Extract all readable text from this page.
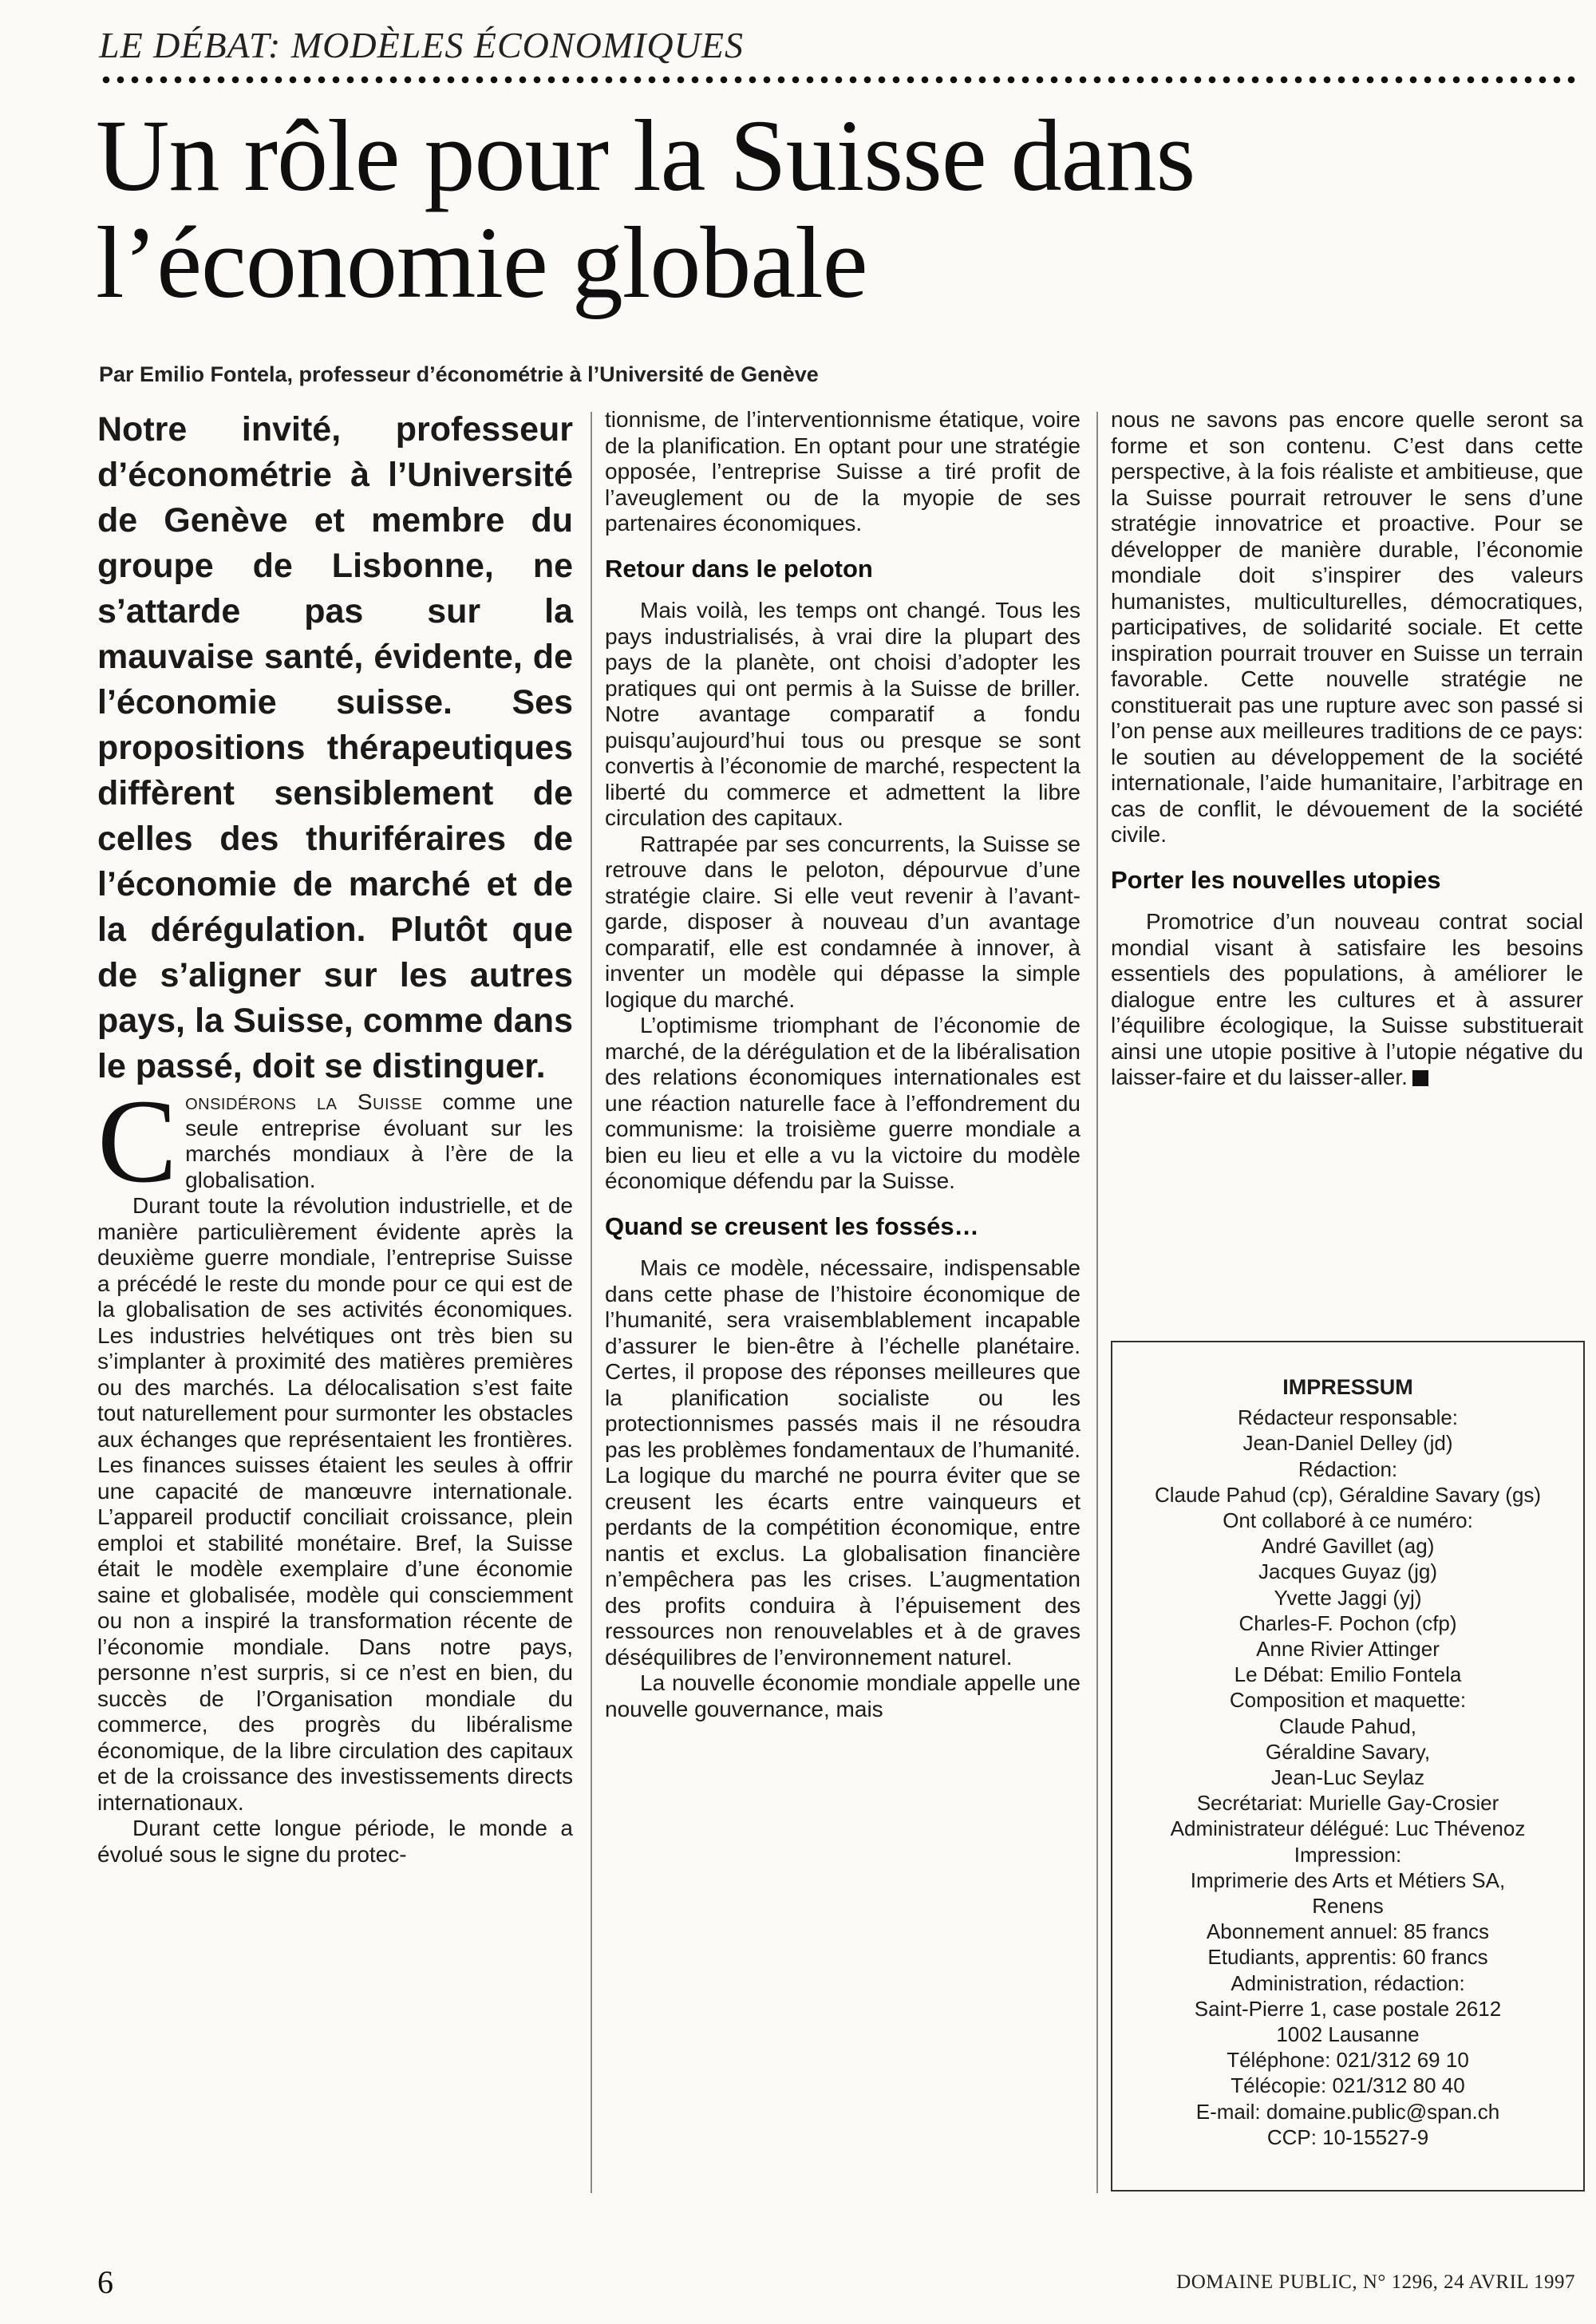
LE DÉBAT: MODÈLES ÉCONOMIQUES
Un rôle pour la Suisse dans l’économie globale
Par Emilio Fontela, professeur d’économétrie à l’Université de Genève

Notre invité, professeur d’économétrie à l’Université de Genève et membre du groupe de Lisbonne, ne s’attarde pas sur la mauvaise santé, évidente, de l’économie suisse. Ses propositions thérapeutiques diffèrent sensiblement de celles des thuriféraires de l’économie de marché et de la dérégulation. Plutôt que de s’aligner sur les autres pays, la Suisse, comme dans le passé, doit se distinguer.

Considérons la Suisse comme une seule entreprise évoluant sur les marchés mondiaux à l’ère de la globalisation.

Durant toute la révolution industrielle, et de manière particulièrement évidente après la deuxième guerre mondiale, l’entreprise Suisse a précédé le reste du monde pour ce qui est de la globalisation de ses activités économiques. Les industries helvétiques ont très bien su s’implanter à proximité des matières premières ou des marchés. La délocalisation s’est faite tout naturellement pour surmonter les obstacles aux échanges que représentaient les frontières. Les finances suisses étaient les seules à offrir une capacité de manœuvre internationale. L’appareil productif conciliait croissance, plein emploi et stabilité monétaire. Bref, la Suisse était le modèle exemplaire d’une économie saine et globalisée, modèle qui consciemment ou non a inspiré la transformation récente de l’économie mondiale. Dans notre pays, personne n’est surpris, si ce n’est en bien, du succès de l’Organisation mondiale du commerce, des progrès du libéralisme économique, de la libre circulation des capitaux et de la croissance des investissements directs internationaux.

Durant cette longue période, le monde a évolué sous le signe du protec-

tionnisme, de l’interventionnisme étatique, voire de la planification. En optant pour une stratégie opposée, l’entreprise Suisse a tiré profit de l’aveuglement ou de la myopie de ses partenaires économiques.

Retour dans le peloton

Mais voilà, les temps ont changé. Tous les pays industrialisés, à vrai dire la plupart des pays de la planète, ont choisi d’adopter les pratiques qui ont permis à la Suisse de briller. Notre avantage comparatif a fondu puisqu’aujourd’hui tous ou presque se sont convertis à l’économie de marché, respectent la liberté du commerce et admettent la libre circulation des capitaux.

Rattrapée par ses concurrents, la Suisse se retrouve dans le peloton, dépourvue d’une stratégie claire. Si elle veut revenir à l’avant-garde, disposer à nouveau d’un avantage comparatif, elle est condamnée à innover, à inventer un modèle qui dépasse la simple logique du marché.

L’optimisme triomphant de l’économie de marché, de la dérégulation et de la libéralisation des relations économiques internationales est une réaction naturelle face à l’effondrement du communisme: la troisième guerre mondiale a bien eu lieu et elle a vu la victoire du modèle économique défendu par la Suisse.

Quand se creusent les fossés…

Mais ce modèle, nécessaire, indispensable dans cette phase de l’histoire économique de l’humanité, sera vraisemblablement incapable d’assurer le bien-être à l’échelle planétaire. Certes, il propose des réponses meilleures que la planification socialiste ou les protectionnismes passés mais il ne résoudra pas les problèmes fondamentaux de l’humanité. La logique du marché ne pourra éviter que se creusent les écarts entre vainqueurs et perdants de la compétition économique, entre nantis et exclus. La globalisation financière n’empêchera pas les crises. L’augmentation des profits conduira à l’épuisement des ressources non renouvelables et à de graves déséquilibres de l’environnement naturel.

La nouvelle économie mondiale appelle une nouvelle gouvernance, mais

nous ne savons pas encore quelle seront sa forme et son contenu. C’est dans cette perspective, à la fois réaliste et ambitieuse, que la Suisse pourrait retrouver le sens d’une stratégie innovatrice et proactive. Pour se développer de manière durable, l’économie mondiale doit s’inspirer des valeurs humanistes, multiculturelles, démocratiques, participatives, de solidarité sociale. Et cette inspiration pourrait trouver en Suisse un terrain favorable. Cette nouvelle stratégie ne constituerait pas une rupture avec son passé si l’on pense aux meilleures traditions de ce pays: le soutien au développement de la société internationale, l’aide humanitaire, l’arbitrage en cas de conflit, le dévouement de la société civile.

Porter les nouvelles utopies

Promotrice d’un nouveau contrat social mondial visant à satisfaire les besoins essentiels des populations, à améliorer le dialogue entre les cultures et à assurer l’équilibre écologique, la Suisse substituerait ainsi une utopie positive à l’utopie négative du laisser-faire et du laisser-aller.

IMPRESSUM
Rédacteur responsable:
Jean-Daniel Delley (jd)
Rédaction:
Claude Pahud (cp), Géraldine Savary (gs)
Ont collaboré à ce numéro:
André Gavillet (ag)
Jacques Guyaz (jg)
Yvette Jaggi (yj)
Charles-F. Pochon (cfp)
Anne Rivier Attinger
Le Débat: Emilio Fontela
Composition et maquette:
Claude Pahud,
Géraldine Savary,
Jean-Luc Seylaz
Secrétariat: Murielle Gay-Crosier
Administrateur délégué: Luc Thévenoz
Impression:
Imprimerie des Arts et Métiers SA,
Renens
Abonnement annuel: 85 francs
Etudiants, apprentis: 60 francs
Administration, rédaction:
Saint-Pierre 1, case postale 2612
1002 Lausanne
Téléphone: 021/312 69 10
Télécopie: 021/312 80 40
E-mail: domaine.public@span.ch
CCP: 10-15527-9
6	DOMAINE PUBLIC, N° 1296, 24 AVRIL 1997
